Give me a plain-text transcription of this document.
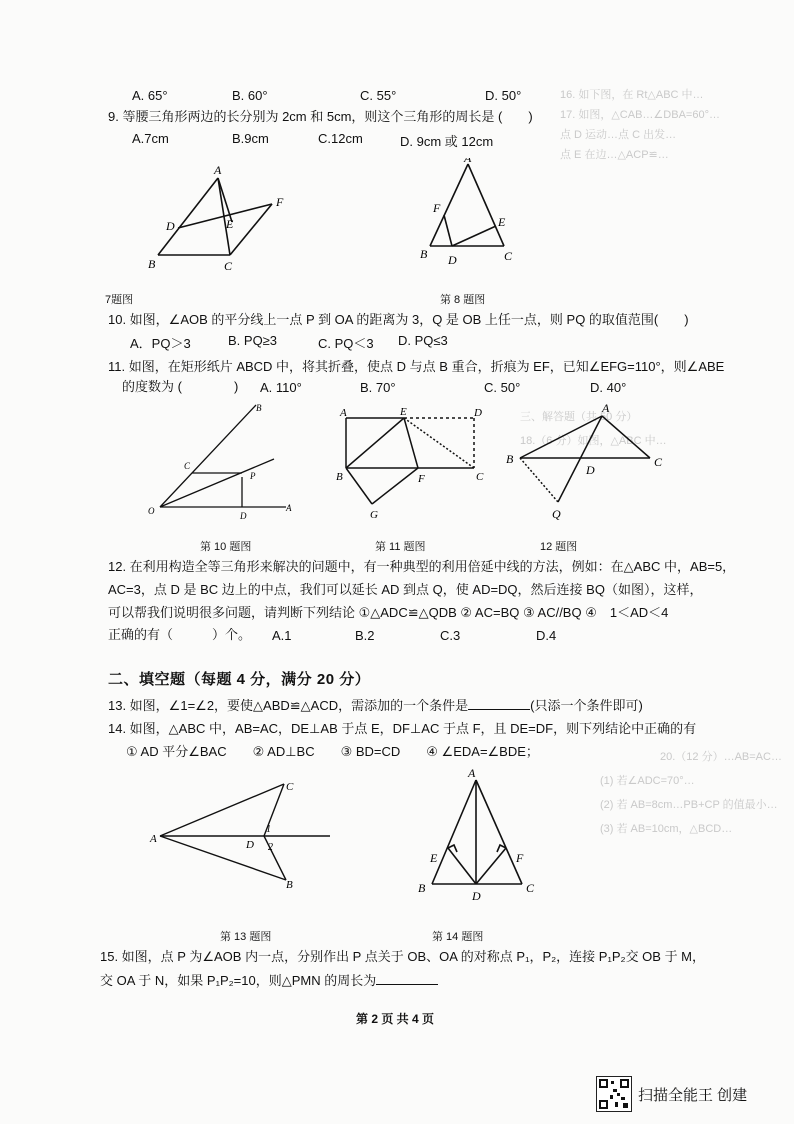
16. 如下图，在 Rt△ABC 中…
17. 如图，△CAB…∠DBA=60°…
点 D 运动…点 C 出发…
点 E 在边…△ACP≌…
三、解答题（共 50 分）
18.（6 分）如图，△ABC 中…
20.（12 分）…AB=AC…
(1) 若∠ADC=70°…
(2) 若 AB=8cm…PB+CP 的值最小…
(3) 若 AB=10cm，△BCD…
A. 65°	B. 60°	C. 55°	D. 50°
9. 等腰三角形两边的长分别为 2cm 和 5cm，则这个三角形的周长是 (　　)
A.7cm	B.9cm	C.12cm	D. 9cm 或 12cm
A
B	C
D	E
F
7题图
A
B	C
D
E
F
第 8 题图
10. 如图，∠AOB 的平分线上一点 P 到 OA 的距离为 3，Q 是 OB 上任一点，则 PQ 的取值范围(　　)
A．PQ＞3	B. PQ≥3	C. PQ＜3 D. PQ≤3
11. 如图，在矩形纸片 ABCD 中，将其折叠，使点 D 与点 B 重合，折痕为 EF，已知∠EFG=110°，则∠ABE
的度数为 (　　　　) A. 110°	B. 70°	C. 50°	D. 40°
O	A
B
C
D
P
第 10 题图
A
B	C
D
E
F
G
第 11 题图
A
B	C
D
Q
12 题图
12. 在利用构造全等三角形来解决的问题中，有一种典型的利用倍延中线的方法，例如：在△ABC 中，AB=5，
AC=3，点 D 是 BC 边上的中点，我们可以延长 AD 到点 Q，使 AD=DQ，然后连接 BQ（如图），这样，
可以帮我们说明很多问题，请判断下列结论 ①△ADC≌△QDB ② AC=BQ ③ AC//BQ ④　1＜AD＜4
正确的有（　　　）个。 A.1	B.2	C.3	D.4
二、填空题（每题 4 分，满分 20 分）
13. 如图，∠1=∠2，要使△ABD≌△ACD，需添加的一个条件是	(只添一个条件即可)
14. 如图，△ABC 中，AB=AC，DE⊥AB 于点 E，DF⊥AC 于点 F，且 DE=DF，则下列结论中正确的有
① AD 平分∠BAC　　② AD⊥BC　　③ BD=CD　　④ ∠EDA=∠BDE；
A
C
B
D
1
2
第 13 题图
A
B	C
D
E	F
第 14 题图
15. 如图，点 P 为∠AOB 内一点，分别作出 P 点关于 OB、OA 的对称点 P₁，P₂，连接 P₁P₂交 OB 于 M，
交 OA 于 N，如果 P₁P₂=10，则△PMN 的周长为
第 2 页 共 4 页
扫描全能王 创建
